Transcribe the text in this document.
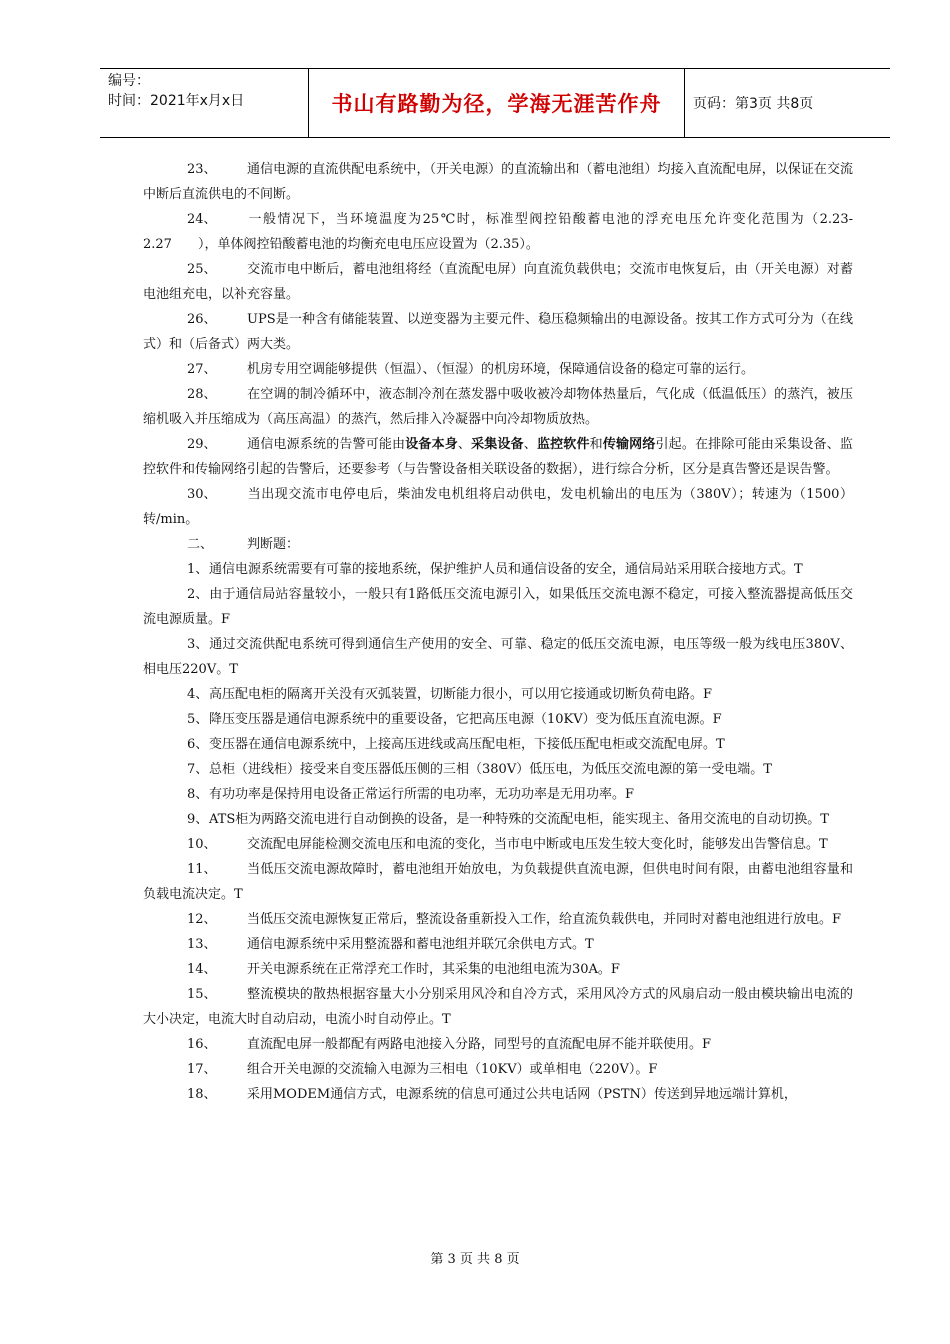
编号：
时间：2021年x月x日	书山有路勤为径，学海无涯苦作舟	页码：第3页 共8页

23、 通信电源的直流供配电系统中，（开关电源）的直流输出和（蓄电池组）均接入直流配电屏，以保证在交流中断后直流供电的不间断。

24、 一般情况下，当环境温度为25℃时，标准型阀控铅酸蓄电池的浮充电压允许变化范围为（2.23-2.27　　），单体阀控铅酸蓄电池的均衡充电电压应设置为（2.35）。

25、 交流市电中断后，蓄电池组将经（直流配电屏）向直流负载供电；交流市电恢复后，由（开关电源）对蓄电池组充电，以补充容量。

26、 UPS是一种含有储能装置、以逆变器为主要元件、稳压稳频输出的电源设备。按其工作方式可分为（在线式）和（后备式）两大类。

27、 机房专用空调能够提供（恒温）、（恒湿）的机房环境，保障通信设备的稳定可靠的运行。

28、 在空调的制冷循环中，液态制冷剂在蒸发器中吸收被冷却物体热量后，气化成（低温低压）的蒸汽，被压缩机吸入并压缩成为（高压高温）的蒸汽，然后排入冷凝器中向冷却物质放热。

29、 通信电源系统的告警可能由设备本身、采集设备、监控软件和传输网络引起。在排除可能由采集设备、监控软件和传输网络引起的告警后，还要参考（与告警设备相关联设备的数据），进行综合分析，区分是真告警还是误告警。

30、 当出现交流市电停电后，柴油发电机组将启动供电，发电机输出的电压为（380V）；转速为（1500）转/min。

二、	判断题：

1、通信电源系统需要有可靠的接地系统，保护维护人员和通信设备的安全，通信局站采用联合接地方式。T

2、由于通信局站容量较小，一般只有1路低压交流电源引入，如果低压交流电源不稳定，可接入整流器提高低压交流电源质量。F

3、通过交流供配电系统可得到通信生产使用的安全、可靠、稳定的低压交流电源，电压等级一般为线电压380V、相电压220V。T

4、高压配电柜的隔离开关没有灭弧装置，切断能力很小，可以用它接通或切断负荷电路。F

5、降压变压器是通信电源系统中的重要设备，它把高压电源（10KV）变为低压直流电源。F

6、变压器在通信电源系统中，上接高压进线或高压配电柜，下接低压配电柜或交流配电屏。T

7、总柜（进线柜）接受来自变压器低压侧的三相（380V）低压电，为低压交流电源的第一受电端。T

8、有功功率是保持用电设备正常运行所需的电功率，无功功率是无用功率。F

9、ATS柜为两路交流电进行自动倒换的设备，是一种特殊的交流配电柜，能实现主、备用交流电的自动切换。T

10、 交流配电屏能检测交流电压和电流的变化，当市电中断或电压发生较大变化时，能够发出告警信息。T

11、 当低压交流电源故障时，蓄电池组开始放电，为负载提供直流电源，但供电时间有限，由蓄电池组容量和负载电流决定。T

12、 当低压交流电源恢复正常后，整流设备重新投入工作，给直流负载供电，并同时对蓄电池组进行放电。F

13、 通信电源系统中采用整流器和蓄电池组并联冗余供电方式。T

14、 开关电源系统在正常浮充工作时，其采集的电池组电流为30A。F

15、 整流模块的散热根据容量大小分别采用风冷和自冷方式，采用风冷方式的风扇启动一般由模块输出电流的大小决定，电流大时自动启动，电流小时自动停止。T

16、 直流配电屏一般都配有两路电池接入分路，同型号的直流配电屏不能并联使用。F

17、 组合开关电源的交流输入电源为三相电（10KV）或单相电（220V）。F

18、 采用MODEM通信方式，电源系统的信息可通过公共电话网（PSTN）传送到异地远端计算机，

第 3 页 共 8 页
